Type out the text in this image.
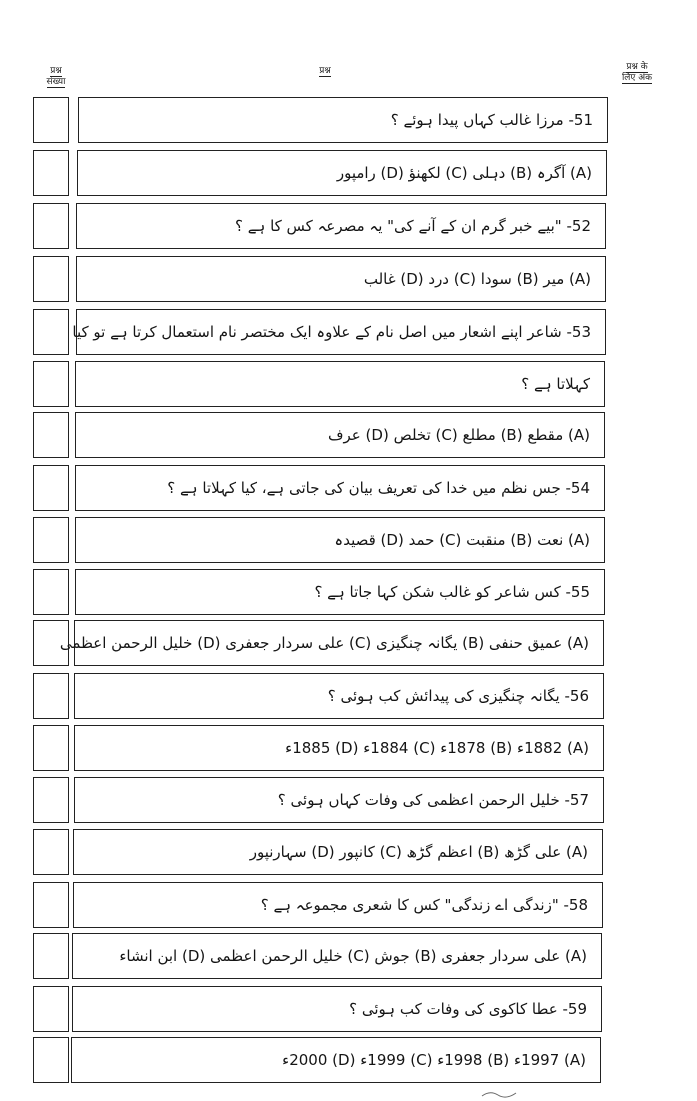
प्रश्न
संख्या
प्रश्न	प्रश्न के
लिए अंक
51- مرزا غالب کہاں پیدا ہوئے ؟
(A) آگرہ (B) دہلی (C) لکھنؤ (D) رامپور
52- "بیے خبر گرم ان کے آنے کی" یہ مصرعہ کس کا ہے ؟
(A) میر (B) سودا (C) درد (D) غالب
53- شاعر اپنے اشعار میں اصل نام کے علاوہ ایک مختصر نام استعمال کرتا ہے تو کیا
کہلاتا ہے ؟
(A) مقطع (B) مطلع (C) تخلص (D) عرف
54- جس نظم میں خدا کی تعریف بیان کی جاتی ہے، کیا کہلاتا ہے ؟
(A) نعت (B) منقبت (C) حمد (D) قصیدہ
55- کس شاعر کو غالب شکن کہا جاتا ہے ؟
(A) عمیق حنفی (B) یگانہ چنگیزی (C) علی سردار جعفری (D) خلیل الرحمن اعظمی
56- یگانہ چنگیزی کی پیدائش کب ہوئی ؟
(A) 1882ء (B) 1878ء (C) 1884ء (D) 1885ء
57- خلیل الرحمن اعظمی کی وفات کہاں ہوئی ؟
(A) علی گڑھ (B) اعظم گڑھ (C) کانپور (D) سہارنپور
58- "زندگی اے زندگی" کس کا شعری مجموعہ ہے ؟
(A) علی سردار جعفری (B) جوش (C) خلیل الرحمن اعظمی (D) ابن انشاء
59- عطا کاکوی کی وفات کب ہوئی ؟
(A) 1997ء (B) 1998ء (C) 1999ء (D) 2000ء
